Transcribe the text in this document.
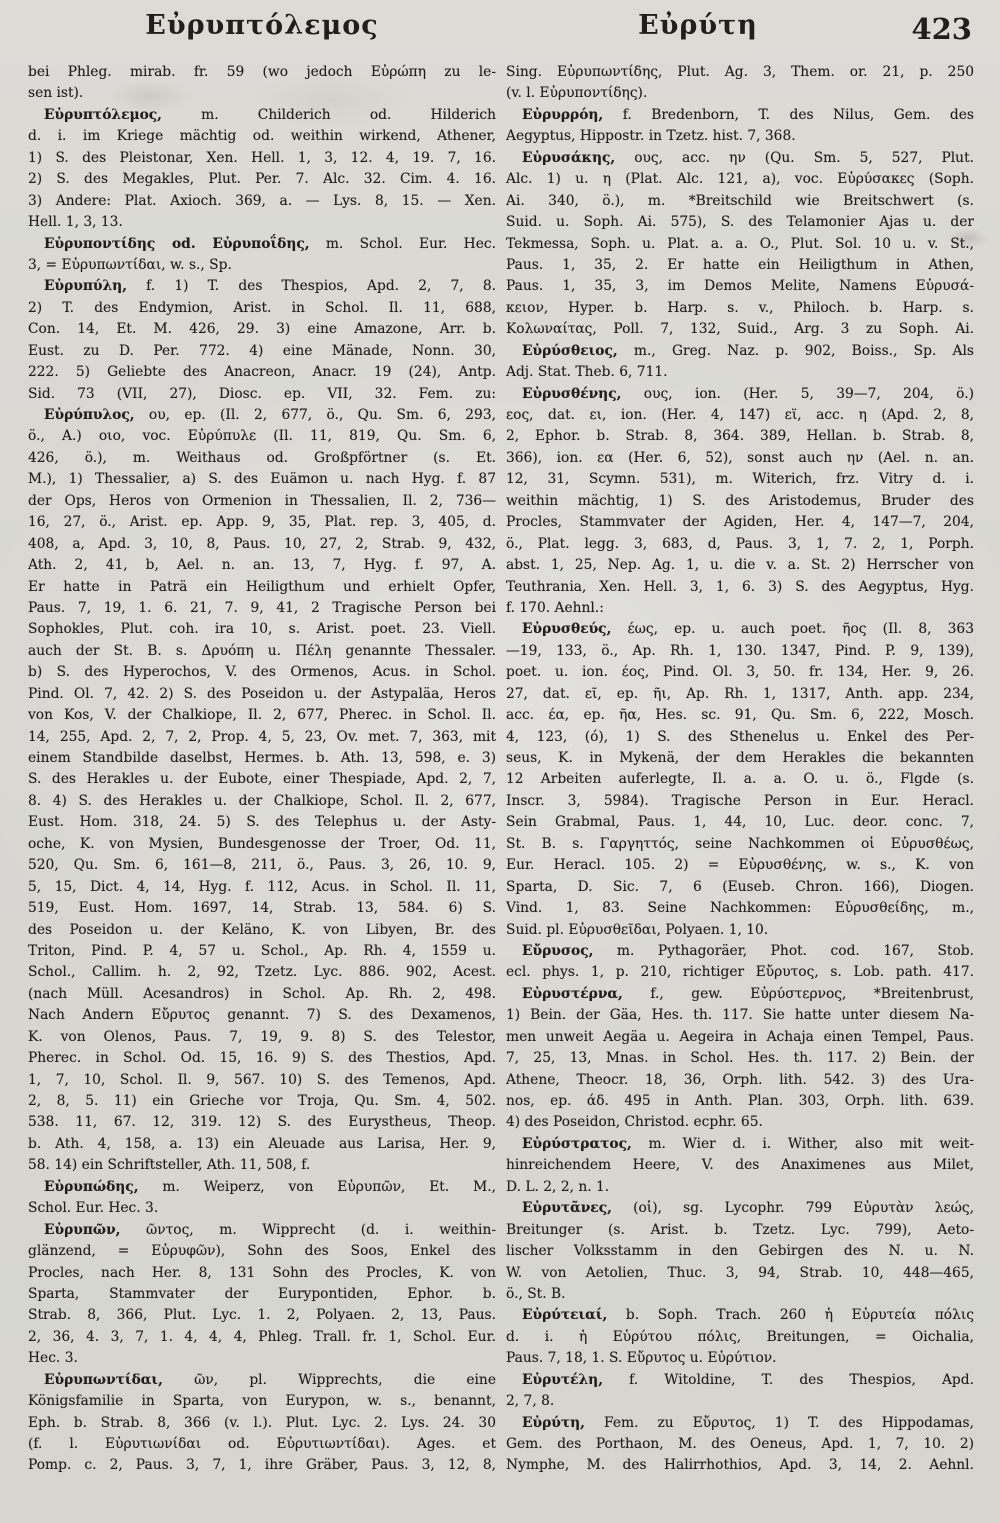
Εὐρυπτόλεμος	Εὐρύτη	423
bei Phleg. mirab. fr. 59 (wo jedoch Εὐρώπη zu le-
sen ist).
Εὐρυπτόλεμος, m. Childerich od. Hilderich
d. i. im Kriege mächtig od. weithin wirkend, Athener,
1) S. des Pleistonar, Xen. Hell. 1, 3, 12. 4, 19. 7, 16.
2) S. des Megakles, Plut. Per. 7. Alc. 32. Cim. 4. 16.
3) Andere: Plat. Axioch. 369, a. — Lys. 8, 15. — Xen.
Hell. 1, 3, 13.
Εὐρυποντίδης od. Εὐρυποΐδης, m. Schol. Eur. Hec.
3, = Εὐρυπωντίδαι, w. s., Sp.
Εὐρυπύλη, f. 1) T. des Thespios, Apd. 2, 7, 8.
2) T. des Endymion, Arist. in Schol. Il. 11, 688,
Con. 14, Et. M. 426, 29. 3) eine Amazone, Arr. b.
Eust. zu D. Per. 772. 4) eine Mänade, Nonn. 30,
222. 5) Geliebte des Anacreon, Anacr. 19 (24), Antp.
Sid. 73 (VII, 27), Diosc. ep. VII, 32. Fem. zu:
Εὐρύπυλος, ου, ep. (Il. 2, 677, ö., Qu. Sm. 6, 293,
ö., A.) οιο, voc. Εὐρύπυλε (Il. 11, 819, Qu. Sm. 6,
426, ö.), m. Weithaus od. Großpförtner (s. Et.
M.), 1) Thessalier, a) S. des Euämon u. nach Hyg. f. 87
der Ops, Heros von Ormenion in Thessalien, Il. 2, 736—
16, 27, ö., Arist. ep. App. 9, 35, Plat. rep. 3, 405, d.
408, a, Apd. 3, 10, 8, Paus. 10, 27, 2, Strab. 9, 432,
Ath. 2, 41, b, Ael. n. an. 13, 7, Hyg. f. 97, A.
Er hatte in Paträ ein Heiligthum und erhielt Opfer,
Paus. 7, 19, 1. 6. 21, 7. 9, 41, 2 Tragische Person bei
Sophokles, Plut. coh. ira 10, s. Arist. poet. 23. Viell.
auch der St. B. s. Δρυόπη u. Πέλη genannte Thessaler.
b) S. des Hyperochos, V. des Ormenos, Acus. in Schol.
Pind. Ol. 7, 42. 2) S. des Poseidon u. der Astypaläa, Heros
von Kos, V. der Chalkiope, Il. 2, 677, Pherec. in Schol. Il.
14, 255, Apd. 2, 7, 2, Prop. 4, 5, 23, Ov. met. 7, 363, mit
einem Standbilde daselbst, Hermes. b. Ath. 13, 598, e. 3)
S. des Herakles u. der Eubote, einer Thespiade, Apd. 2, 7,
8. 4) S. des Herakles u. der Chalkiope, Schol. Il. 2, 677,
Eust. Hom. 318, 24. 5) S. des Telephus u. der Asty-
oche, K. von Mysien, Bundesgenosse der Troer, Od. 11,
520, Qu. Sm. 6, 161—8, 211, ö., Paus. 3, 26, 10. 9,
5, 15, Dict. 4, 14, Hyg. f. 112, Acus. in Schol. Il. 11,
519, Eust. Hom. 1697, 14, Strab. 13, 584. 6) S.
des Poseidon u. der Keläno, K. von Libyen, Br. des
Triton, Pind. P. 4, 57 u. Schol., Ap. Rh. 4, 1559 u.
Schol., Callim. h. 2, 92, Tzetz. Lyc. 886. 902, Acest.
(nach Müll. Acesandros) in Schol. Ap. Rh. 2, 498.
Nach Andern Εὔρυτος genannt. 7) S. des Dexamenos,
K. von Olenos, Paus. 7, 19, 9. 8) S. des Telestor,
Pherec. in Schol. Od. 15, 16. 9) S. des Thestios, Apd.
1, 7, 10, Schol. Il. 9, 567. 10) S. des Temenos, Apd.
2, 8, 5. 11) ein Grieche vor Troja, Qu. Sm. 4, 502.
538. 11, 67. 12, 319. 12) S. des Eurystheus, Theop.
b. Ath. 4, 158, a. 13) ein Aleuade aus Larisa, Her. 9,
58. 14) ein Schriftsteller, Ath. 11, 508, f.
Εὐρυπώδης, m. Weiperz, von Εὐρυπῶν, Et. M.,
Schol. Eur. Hec. 3.
Εὐρυπῶν, ῶντος, m. Wipprecht (d. i. weithin-
glänzend, = Εὐρυφῶν), Sohn des Soos, Enkel des
Procles, nach Her. 8, 131 Sohn des Procles, K. von
Sparta, Stammvater der Eurypontiden, Ephor. b.
Strab. 8, 366, Plut. Lyc. 1. 2, Polyaen. 2, 13, Paus.
2, 36, 4. 3, 7, 1. 4, 4, 4, Phleg. Trall. fr. 1, Schol. Eur.
Hec. 3.
Εὐρυπωντίδαι, ῶν, pl. Wipprechts, die eine
Königsfamilie in Sparta, von Eurypon, w. s., benannt,
Eph. b. Strab. 8, 366 (v. l.). Plut. Lyc. 2. Lys. 24. 30
(f. l. Εὐρυτιωνίδαι od. Εὐρυτιωντίδαι). Ages. et
Pomp. c. 2, Paus. 3, 7, 1, ihre Gräber, Paus. 3, 12, 8,
Sing. Εὐρυπωντίδης, Plut. Ag. 3, Them. or. 21, p. 250
(v. l. Εὐρυποντίδης).
Εὐρυρρόη, f. Bredenborn, T. des Nilus, Gem. des
Aegyptus, Hippostr. in Tzetz. hist. 7, 368.
Εὐρυσάκης, ους, acc. ην (Qu. Sm. 5, 527, Plut.
Alc. 1) u. η (Plat. Alc. 121, a), voc. Εὐρύσακες (Soph.
Ai. 340, ö.), m. *Breitschild wie Breitschwert (s.
Suid. u. Soph. Ai. 575), S. des Telamonier Ajas u. der
Tekmessa, Soph. u. Plat. a. a. O., Plut. Sol. 10 u. v. St.,
Paus. 1, 35, 2. Er hatte ein Heiligthum in Athen,
Paus. 1, 35, 3, im Demos Melite, Namens Εὐρυσά-
κειον, Hyper. b. Harp. s. v., Philoch. b. Harp. s.
Κολωναίτας, Poll. 7, 132, Suid., Arg. 3 zu Soph. Ai.
Εὐρύσθειος, m., Greg. Naz. p. 902, Boiss., Sp. Als
Adj. Stat. Theb. 6, 711.
Εὐρυσθένης, ους, ion. (Her. 5, 39—7, 204, ö.)
εος, dat. ει, ion. (Her. 4, 147) εϊ, acc. η (Apd. 2, 8,
2, Ephor. b. Strab. 8, 364. 389, Hellan. b. Strab. 8,
366), ion. εα (Her. 6, 52), sonst auch ην (Ael. n. an.
12, 31, Scymn. 531), m. Witerich, frz. Vitry d. i.
weithin mächtig, 1) S. des Aristodemus, Bruder des
Procles, Stammvater der Agiden, Her. 4, 147—7, 204,
ö., Plat. legg. 3, 683, d, Paus. 3, 1, 7. 2, 1, Porph.
abst. 1, 25, Nep. Ag. 1, u. die v. a. St. 2) Herrscher von
Teuthrania, Xen. Hell. 3, 1, 6. 3) S. des Aegyptus, Hyg.
f. 170. Aehnl.:
Εὐρυσθεύς, έως, ep. u. auch poet. ῆος (Il. 8, 363
—19, 133, ö., Ap. Rh. 1, 130. 1347, Pind. P. 9, 139),
poet. u. ion. έος, Pind. Ol. 3, 50. fr. 134, Her. 9, 26.
27, dat. εῖ, ep. ῆι, Ap. Rh. 1, 1317, Anth. app. 234,
acc. έα, ep. ῆα, Hes. sc. 91, Qu. Sm. 6, 222, Mosch.
4, 123, (ό), 1) S. des Sthenelus u. Enkel des Per-
seus, K. in Mykenä, der dem Herakles die bekannten
12 Arbeiten auferlegte, Il. a. a. O. u. ö., Flgde (s.
Inscr. 3, 5984). Tragische Person in Eur. Heracl.
Sein Grabmal, Paus. 1, 44, 10, Luc. deor. conc. 7,
St. B. s. Γαργηττός, seine Nachkommen οἱ Εὐρυσθέως,
Eur. Heracl. 105. 2) = Εὐρυσθένης, w. s., K. von
Sparta, D. Sic. 7, 6 (Euseb. Chron. 166), Diogen.
Vind. 1, 83. Seine Nachkommen: Εὐρυσθείδης, m.,
Suid. pl. Εὐρυσθεῖδαι, Polyaen. 1, 10.
Εὔρυσος, m. Pythagoräer, Phot. cod. 167, Stob.
ecl. phys. 1, p. 210, richtiger Εὔρυτος, s. Lob. path. 417.
Εὐρυστέρνα, f., gew. Εὐρύστερνος, *Breitenbrust,
1) Bein. der Gäa, Hes. th. 117. Sie hatte unter diesem Na-
men unweit Aegäa u. Aegeira in Achaja einen Tempel, Paus.
7, 25, 13, Mnas. in Schol. Hes. th. 117. 2) Bein. der
Athene, Theocr. 18, 36, Orph. lith. 542. 3) des Ura-
nos, ep. άδ. 495 in Anth. Plan. 303, Orph. lith. 639.
4) des Poseidon, Christod. ecphr. 65.
Εὐρύστρατος, m. Wier d. i. Wither, also mit weit-
hinreichendem Heere, V. des Anaximenes aus Milet,
D. L. 2, 2, n. 1.
Εὐρυτᾶνες, (οἱ), sg. Lycophr. 799 Εὐρυτὰν λεώς,
Breitunger (s. Arist. b. Tzetz. Lyc. 799), Aeto-
lischer Volksstamm in den Gebirgen des N. u. N.
W. von Aetolien, Thuc. 3, 94, Strab. 10, 448—465,
ö., St. B.
Εὐρύτειαί, b. Soph. Trach. 260 ἡ Εὐρυτεία πόλις
d. i. ἡ Εὐρύτου πόλις, Breitungen, = Oichalia,
Paus. 7, 18, 1. S. Εὔρυτος u. Εὐρύτιον.
Εὐρυτέλη, f. Witoldine, T. des Thespios, Apd.
2, 7, 8.
Εὐρύτη, Fem. zu Εὔρυτος, 1) T. des Hippodamas,
Gem. des Porthaon, M. des Oeneus, Apd. 1, 7, 10. 2)
Nymphe, M. des Halirrhothios, Apd. 3, 14, 2. Aehnl.
